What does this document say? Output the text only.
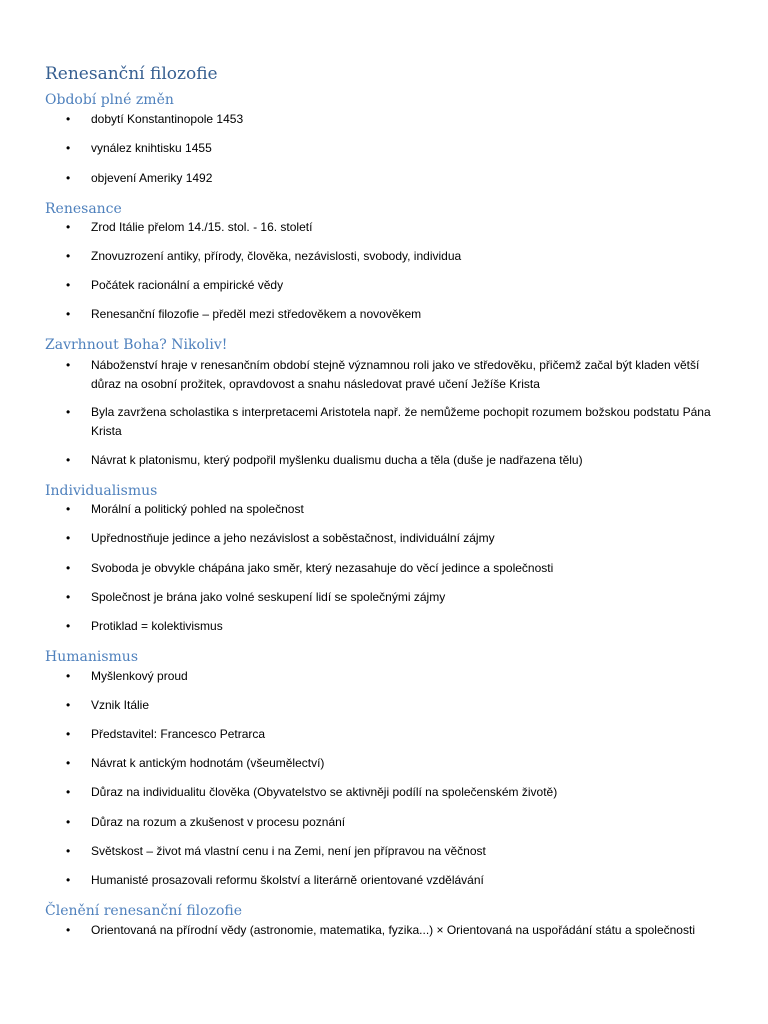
Renesanční filozofie
Období plné změn
•	dobytí Konstantinopole 1453
•	vynález knihtisku 1455
•	objevení Ameriky 1492
Renesance
•	Zrod Itálie přelom 14./15. stol. - 16. století
•	Znovuzrození antiky, přírody, člověka, nezávislosti, svobody, individua
•	Počátek racionální a empirické vědy
•	Renesanční filozofie – předěl mezi středověkem a novověkem
Zavrhnout Boha? Nikoliv!
•	Náboženství hraje v renesančním období stejně významnou roli jako ve středověku, přičemž začal být kladen větší důraz na osobní prožitek, opravdovost a snahu následovat pravé učení Ježíše Krista
•	Byla zavržena scholastika s interpretacemi Aristotela např. že nemůžeme pochopit rozumem božskou podstatu Pána Krista
•	Návrat k platonismu, který podpořil myšlenku dualismu ducha a těla (duše je nadřazena tělu)
Individualismus
•	Morální a politický pohled na společnost
•	Upřednostňuje jedince a jeho nezávislost a soběstačnost, individuální zájmy
•	Svoboda je obvykle chápána jako směr, který nezasahuje do věcí jedince a společnosti
•	Společnost je brána jako volné seskupení lidí se společnými zájmy
•	Protiklad = kolektivismus
Humanismus
•	Myšlenkový proud
•	Vznik Itálie
•	Představitel: Francesco Petrarca
•	Návrat k antickým hodnotám (všeumělectví)
•	Důraz na individualitu člověka (Obyvatelstvo se aktivněji podílí na společenském životě)
•	Důraz na rozum a zkušenost v procesu poznání
•	Světskost – život má vlastní cenu i na Zemi, není jen přípravou na věčnost
•	Humanisté prosazovali reformu školství a literárně orientované vzdělávání
Členění renesanční filozofie
•	Orientovaná na přírodní vědy (astronomie, matematika, fyzika...) × Orientovaná na uspořádání státu a společnosti
